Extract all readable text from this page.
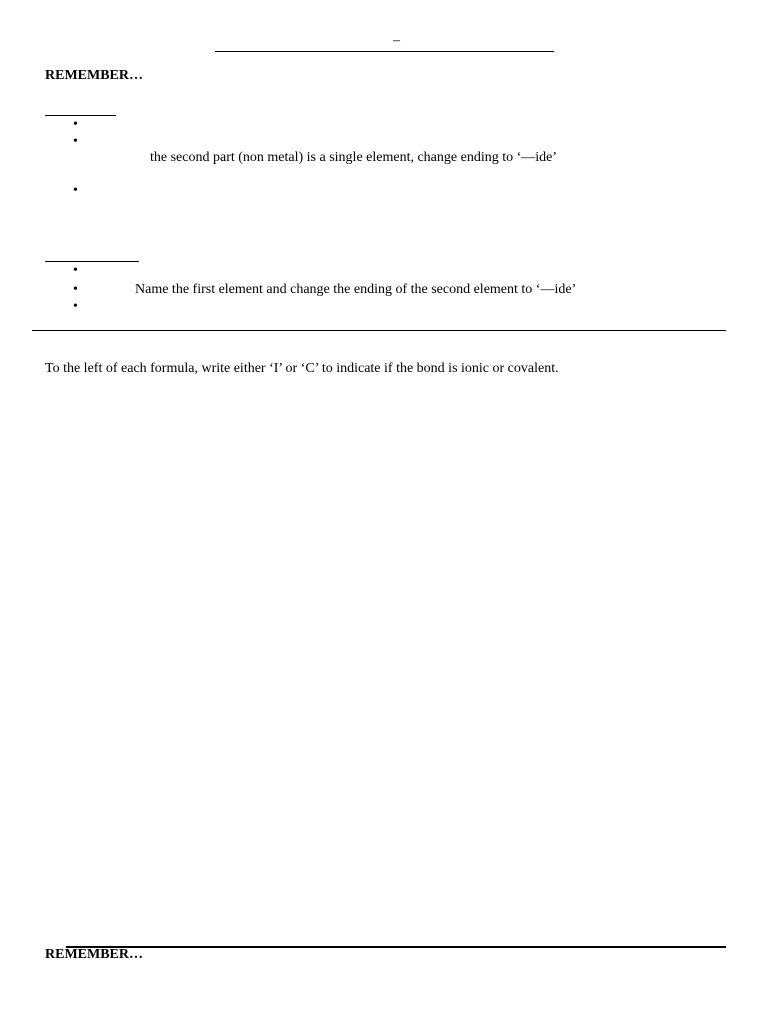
–
REMEMBER…
•
•
the second part (non metal) is a single element, change ending to ‘—ide’
•
•
•	Name the first element and change the ending of the second element to ‘—ide’
•
To the left of each formula, write either ‘I’ or ‘C’ to indicate if the bond is ionic or covalent.
REMEMBER…
